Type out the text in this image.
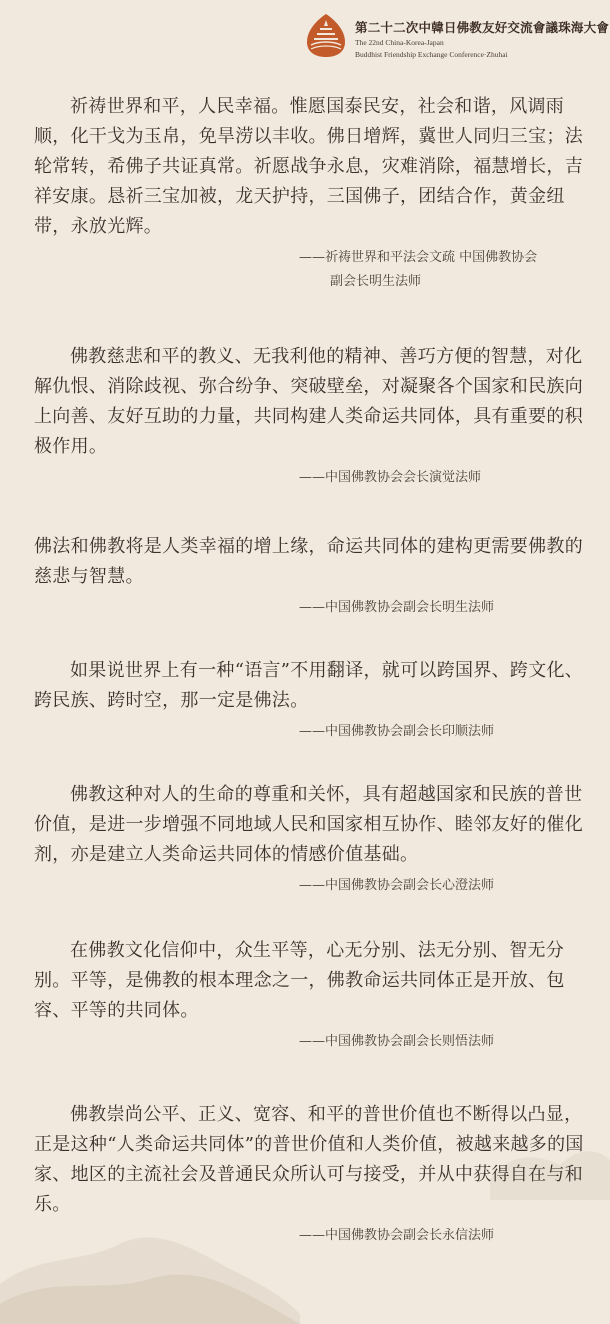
第二十二次中韓日佛教友好交流會議珠海大會
The 22nd China-Korea-Japan
Buddhist Friendship Exchange Conference·Zhuhai

祈祷世界和平，人民幸福。惟愿国泰民安，社会和谐，风调雨顺，化干戈为玉帛，免旱涝以丰收。佛日增辉，冀世人同归三宝；法轮常转，希佛子共证真常。祈愿战争永息，灾难消除，福慧增长，吉祥安康。恳祈三宝加被，龙天护持，三国佛子，团结合作，黄金纽带，永放光辉。

——祈祷世界和平法会文疏 中国佛教协会
副会长明生法师

佛教慈悲和平的教义、无我利他的精神、善巧方便的智慧，对化解仇恨、消除歧视、弥合纷争、突破壁垒，对凝聚各个国家和民族向上向善、友好互助的力量，共同构建人类命运共同体，具有重要的积极作用。

——中国佛教协会会长演觉法师

佛法和佛教将是人类幸福的增上缘，命运共同体的建构更需要佛教的慈悲与智慧。

——中国佛教协会副会长明生法师

如果说世界上有一种“语言”不用翻译，就可以跨国界、跨文化、跨民族、跨时空，那一定是佛法。

——中国佛教协会副会长印顺法师

佛教这种对人的生命的尊重和关怀，具有超越国家和民族的普世价值，是进一步增强不同地域人民和国家相互协作、睦邻友好的催化剂，亦是建立人类命运共同体的情感价值基础。

——中国佛教协会副会长心澄法师

在佛教文化信仰中，众生平等，心无分别、法无分别、智无分别。平等，是佛教的根本理念之一，佛教命运共同体正是开放、包容、平等的共同体。

——中国佛教协会副会长则悟法师

佛教崇尚公平、正义、宽容、和平的普世价值也不断得以凸显，正是这种“人类命运共同体”的普世价值和人类价值，被越来越多的国家、地区的主流社会及普通民众所认可与接受，并从中获得自在与和乐。

——中国佛教协会副会长永信法师
